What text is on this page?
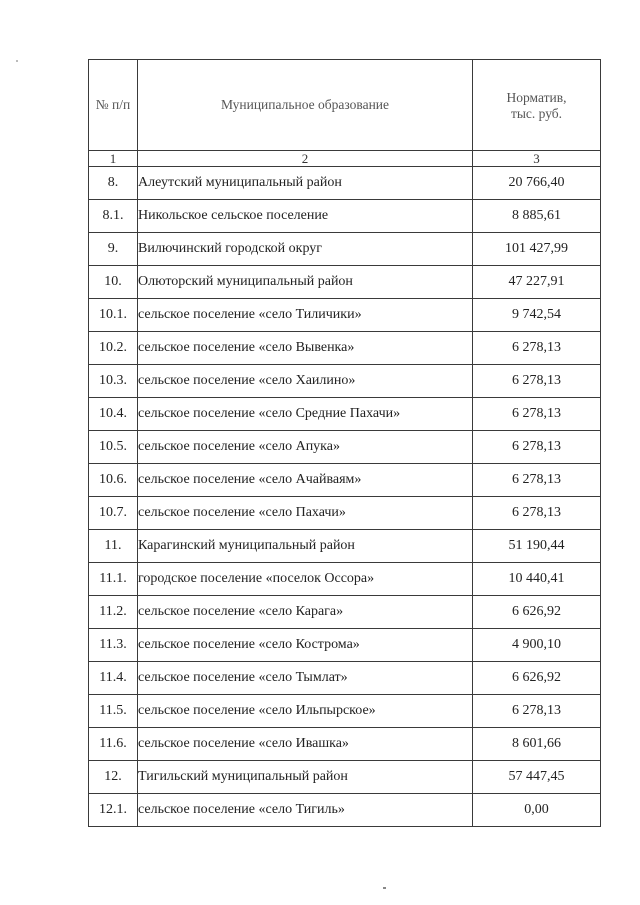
№ п/п	Муниципальное образование	Норматив,
тыс. руб.
1	2	3
8.	Алеутский муниципальный район	20 766,40
8.1.	Никольское сельское поселение	8 885,61
9.	Вилючинский городской округ	101 427,99
10.	Олюторский муниципальный район	47 227,91
10.1.	сельское поселение «село Тиличики»	9 742,54
10.2.	сельское поселение «село Вывенка»	6 278,13
10.3.	сельское поселение «село Хаилино»	6 278,13
10.4.	сельское поселение «село Средние Пахачи»	6 278,13
10.5.	сельское поселение «село Апука»	6 278,13
10.6.	сельское поселение «село Ачайваям»	6 278,13
10.7.	сельское поселение «село Пахачи»	6 278,13
11.	Карагинский муниципальный район	51 190,44
11.1.	городское поселение «поселок Оссора»	10 440,41
11.2.	сельское поселение «село Карага»	6 626,92
11.3.	сельское поселение «село Кострома»	4 900,10
11.4.	сельское поселение «село Тымлат»	6 626,92
11.5.	сельское поселение «село Ильпырское»	6 278,13
11.6.	сельское поселение «село Ивашка»	8 601,66
12.	Тигильский муниципальный район	57 447,45
12.1.	сельское поселение «село Тигиль»	0,00
